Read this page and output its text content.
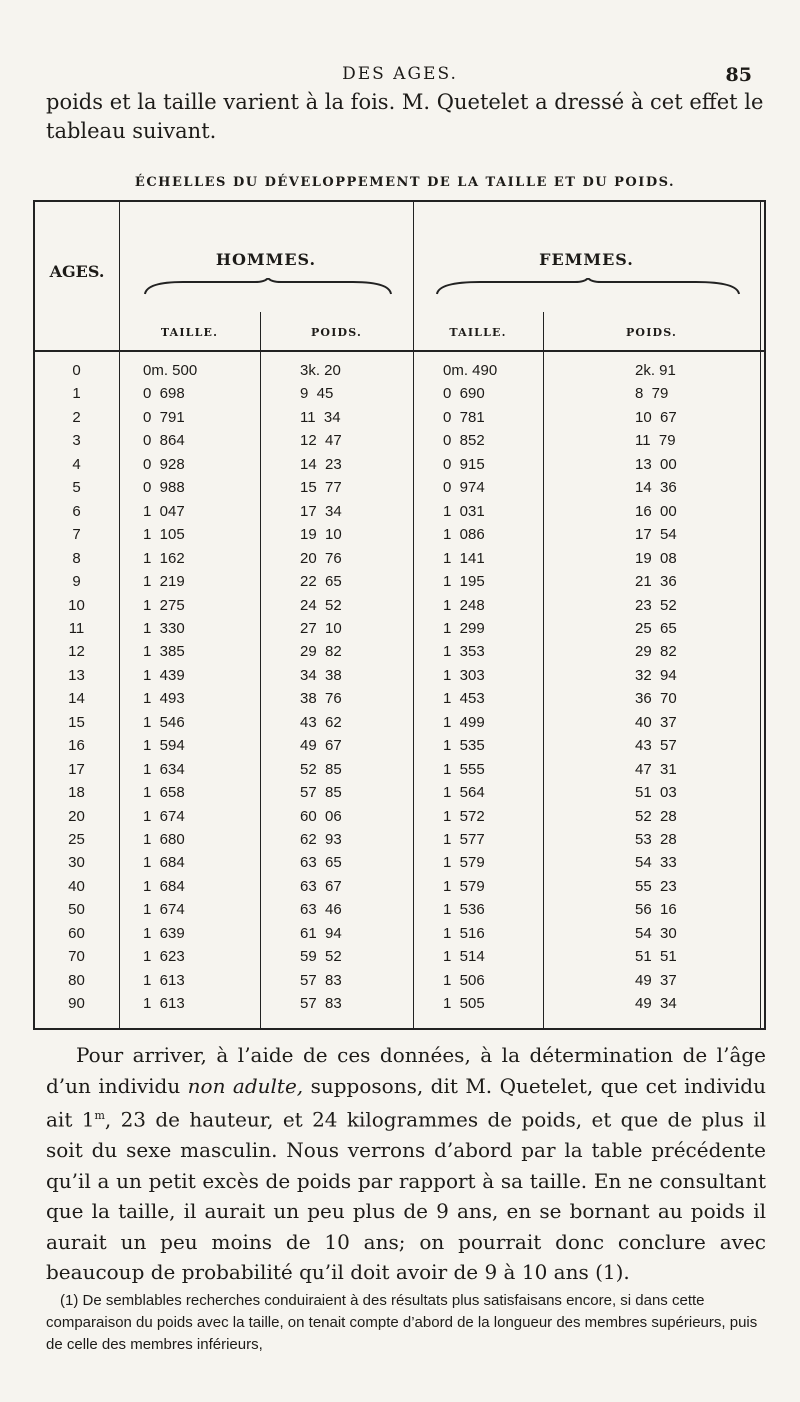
DES AGES.	85
poids et la taille varient à la fois. M. Quetelet a dressé à cet effet le tableau suivant.
ÉCHELLES DU DÉVELOPPEMENT DE LA TAILLE ET DU POIDS.
AGES.
HOMMES.	FEMMES.
TAILLE.	POIDS.	TAILLE.	POIDS.
0	0m. 500	3k. 20	0m. 490	2k. 91
1	0  698	9  45	0  690	8  79
2	0  791	11  34	0  781	10  67
3	0  864	12  47	0  852	11  79
4	0  928	14  23	0  915	13  00
5	0  988	15  77	0  974	14  36
6	1  047	17  34	1  031	16  00
7	1  105	19  10	1  086	17  54
8	1  162	20  76	1  141	19  08
9	1  219	22  65	1  195	21  36
10	1  275	24  52	1  248	23  52
11	1  330	27  10	1  299	25  65
12	1  385	29  82	1  353	29  82
13	1  439	34  38	1  303	32  94
14	1  493	38  76	1  453	36  70
15	1  546	43  62	1  499	40  37
16	1  594	49  67	1  535	43  57
17	1  634	52  85	1  555	47  31
18	1  658	57  85	1  564	51  03
20	1  674	60  06	1  572	52  28
25	1  680	62  93	1  577	53  28
30	1  684	63  65	1  579	54  33
40	1  684	63  67	1  579	55  23
50	1  674	63  46	1  536	56  16
60	1  639	61  94	1  516	54  30
70	1  623	59  52	1  514	51  51
80	1  613	57  83	1  506	49  37
90	1  613	57  83	1  505	49  34

Pour arriver, à l’aide de ces données, à la détermination de l’âge d’un individu non adulte, supposons, dit M. Quetelet, que cet individu ait 1$^m$, 23 de hauteur, et 24 kilogrammes de poids, et que de plus il soit du sexe masculin. Nous verrons d’abord par la table précédente qu’il a un petit excès de poids par rapport à sa taille. En ne consultant que la taille, il aurait un peu plus de 9 ans, en se bornant au poids il aurait un peu moins de 10 ans; on pourrait donc conclure avec beaucoup de probabilité qu’il doit avoir de 9 à 10 ans (1).

(1) De semblables recherches conduiraient à des résultats plus satisfaisans encore, si dans cette comparaison du poids avec la taille, on tenait compte d’abord de la longueur des membres supérieurs, puis de celle des membres inférieurs,
